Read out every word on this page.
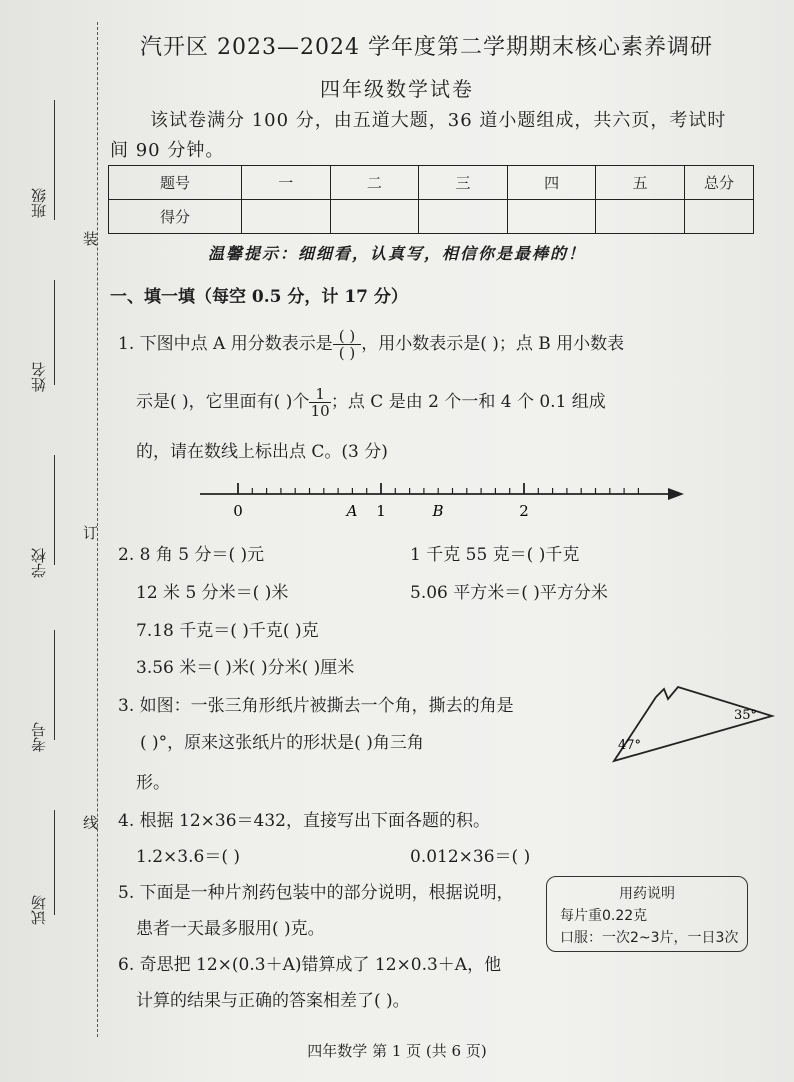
装
订
线
班级
姓名
学校
考号
试场
汽开区 2023—2024 学年度第二学期期末核心素养调研
四年级数学试卷
该试卷满分 100 分，由五道大题，36 道小题组成，共六页，考试时
间 90 分钟。
题号	一	二	三	四	五	总分
得分						
温馨提示：细细看，认真写，相信你是最棒的！
一、填一填（每空 0.5 分，计 17 分）
1. 下图中点 A 用分数表示是 $\frac{( )}{( )}$ ，用小数表示是( )；点 B 用小数表
示是( )，它里面有( )个 $\frac{1}{10}$ ；点 C 是由 2 个一和 4 个 0.1 组成
的，请在数线上标出点 C。(3 分)
0	A 1	B	2
2. 8 角 5 分＝( )元	1 千克 55 克＝( )千克
12 米 5 分米＝( )米	5.06 平方米＝( )平方分米
7.18 千克＝( )千克( )克
3.56 米＝( )米( )分米( )厘米
3. 如图：一张三角形纸片被撕去一个角，撕去的角是
( )°，原来这张纸片的形状是( )角三角
形。
35°
47°
4. 根据 12×36＝432，直接写出下面各题的积。
1.2×3.6＝( )	0.012×36＝( )
5. 下面是一种片剂药包装中的部分说明，根据说明，
患者一天最多服用( )克。
用药说明
每片重0.22克
口服：一次2~3片，一日3次
6. 奇思把 12×(0.3＋A)错算成了 12×0.3＋A，他
计算的结果与正确的答案相差了( )。
四年数学 第 1 页 (共 6 页)
